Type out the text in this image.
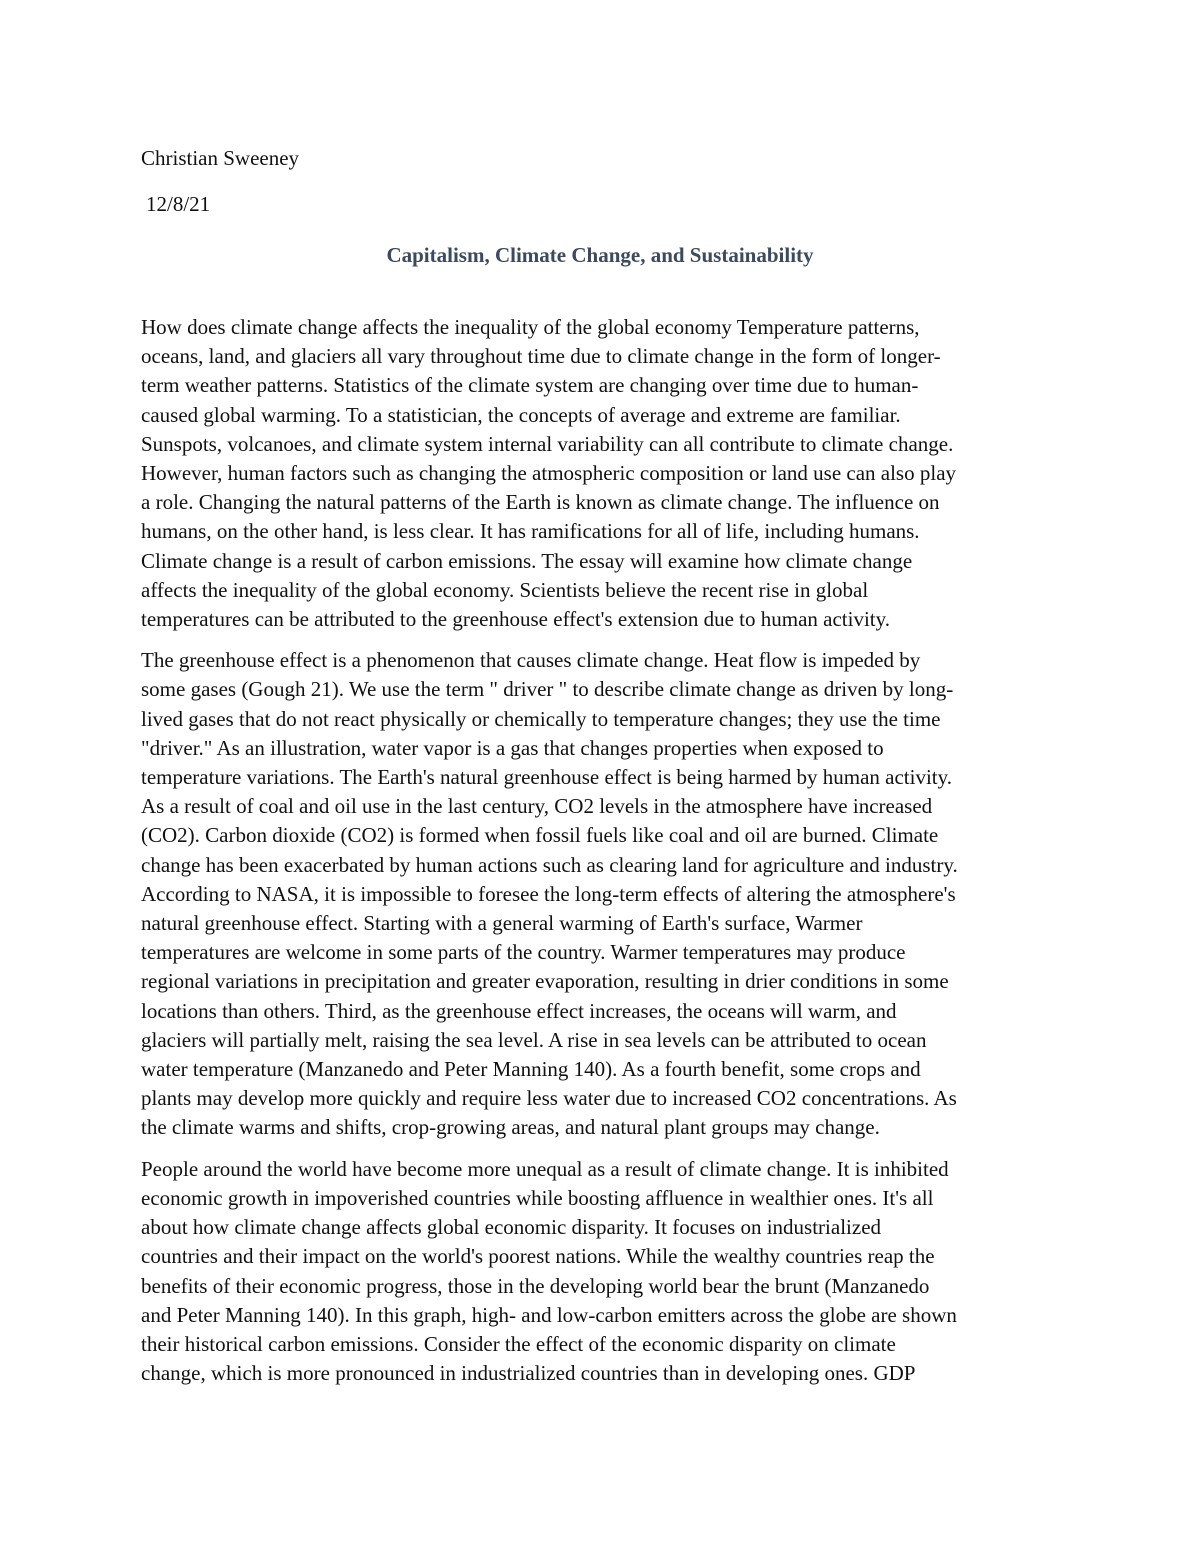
Christian Sweeney
12/8/21
Capitalism, Climate Change, and Sustainability
How does climate change affects the inequality of the global economy Temperature patterns,
oceans, land, and glaciers all vary throughout time due to climate change in the form of longer-
term weather patterns. Statistics of the climate system are changing over time due to human-
caused global warming. To a statistician, the concepts of average and extreme are familiar.
Sunspots, volcanoes, and climate system internal variability can all contribute to climate change.
However, human factors such as changing the atmospheric composition or land use can also play
a role. Changing the natural patterns of the Earth is known as climate change. The influence on
humans, on the other hand, is less clear. It has ramifications for all of life, including humans.
Climate change is a result of carbon emissions. The essay will examine how climate change
affects the inequality of the global economy. Scientists believe the recent rise in global
temperatures can be attributed to the greenhouse effect's extension due to human activity.
The greenhouse effect is a phenomenon that causes climate change. Heat flow is impeded by
some gases (Gough 21). We use the term " driver " to describe climate change as driven by long-
lived gases that do not react physically or chemically to temperature changes; they use the time
"driver." As an illustration, water vapor is a gas that changes properties when exposed to
temperature variations. The Earth's natural greenhouse effect is being harmed by human activity.
As a result of coal and oil use in the last century, CO2 levels in the atmosphere have increased
(CO2). Carbon dioxide (CO2) is formed when fossil fuels like coal and oil are burned. Climate
change has been exacerbated by human actions such as clearing land for agriculture and industry.
According to NASA, it is impossible to foresee the long-term effects of altering the atmosphere's
natural greenhouse effect. Starting with a general warming of Earth's surface, Warmer
temperatures are welcome in some parts of the country. Warmer temperatures may produce
regional variations in precipitation and greater evaporation, resulting in drier conditions in some
locations than others. Third, as the greenhouse effect increases, the oceans will warm, and
glaciers will partially melt, raising the sea level. A rise in sea levels can be attributed to ocean
water temperature (Manzanedo and Peter Manning 140). As a fourth benefit, some crops and
plants may develop more quickly and require less water due to increased CO2 concentrations. As
the climate warms and shifts, crop-growing areas, and natural plant groups may change.
People around the world have become more unequal as a result of climate change. It is inhibited
economic growth in impoverished countries while boosting affluence in wealthier ones. It's all
about how climate change affects global economic disparity. It focuses on industrialized
countries and their impact on the world's poorest nations. While the wealthy countries reap the
benefits of their economic progress, those in the developing world bear the brunt (Manzanedo
and Peter Manning 140). In this graph, high- and low-carbon emitters across the globe are shown
their historical carbon emissions. Consider the effect of the economic disparity on climate
change, which is more pronounced in industrialized countries than in developing ones. GDP
